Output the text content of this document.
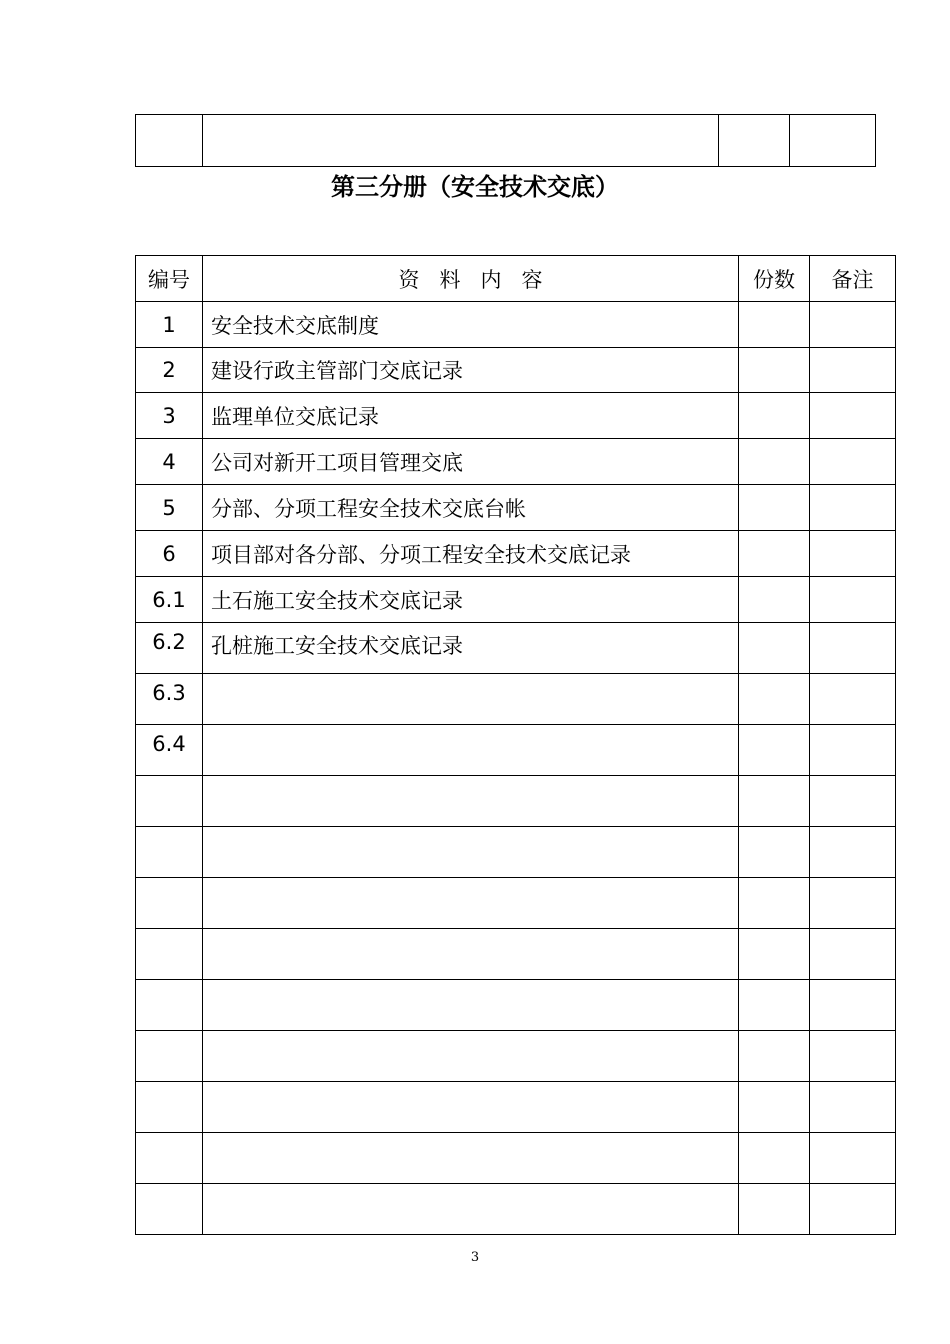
第三分册（安全技术交底）
编号	资料内容	份数	备注
1	安全技术交底制度		
2	建设行政主管部门交底记录		
3	监理单位交底记录		
4	公司对新开工项目管理交底		
5	分部、分项工程安全技术交底台帐		
6	项目部对各分部、分项工程安全技术交底记录		
6.1	土石施工安全技术交底记录		
6.2	孔桩施工安全技术交底记录		
6.3			
6.4			

3
